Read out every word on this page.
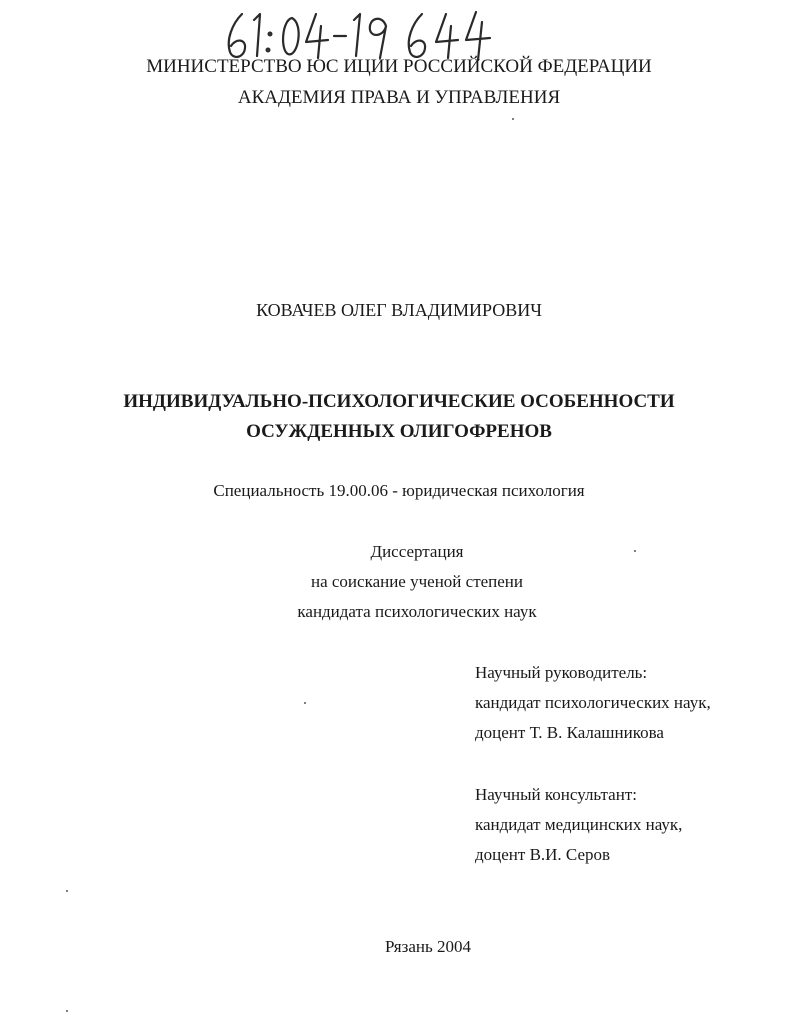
МИНИСТЕРСТВО ЮС ИЦИИ РОССИЙСКОЙ ФЕДЕРАЦИИ
АКАДЕМИЯ ПРАВА И УПРАВЛЕНИЯ
КОВАЧЕВ ОЛЕГ ВЛАДИМИРОВИЧ
ИНДИВИДУАЛЬНО-ПСИХОЛОГИЧЕСКИЕ ОСОБЕННОСТИ
ОСУЖДЕННЫХ ОЛИГОФРЕНОВ
Специальность 19.00.06 - юридическая психология
Диссертация
на соискание ученой степени
кандидата психологических наук
Научный руководитель:
кандидат психологических наук,
доцент Т. В. Калашникова
Научный консультант:
кандидат медицинских наук,
доцент В.И. Серов
Рязань 2004
